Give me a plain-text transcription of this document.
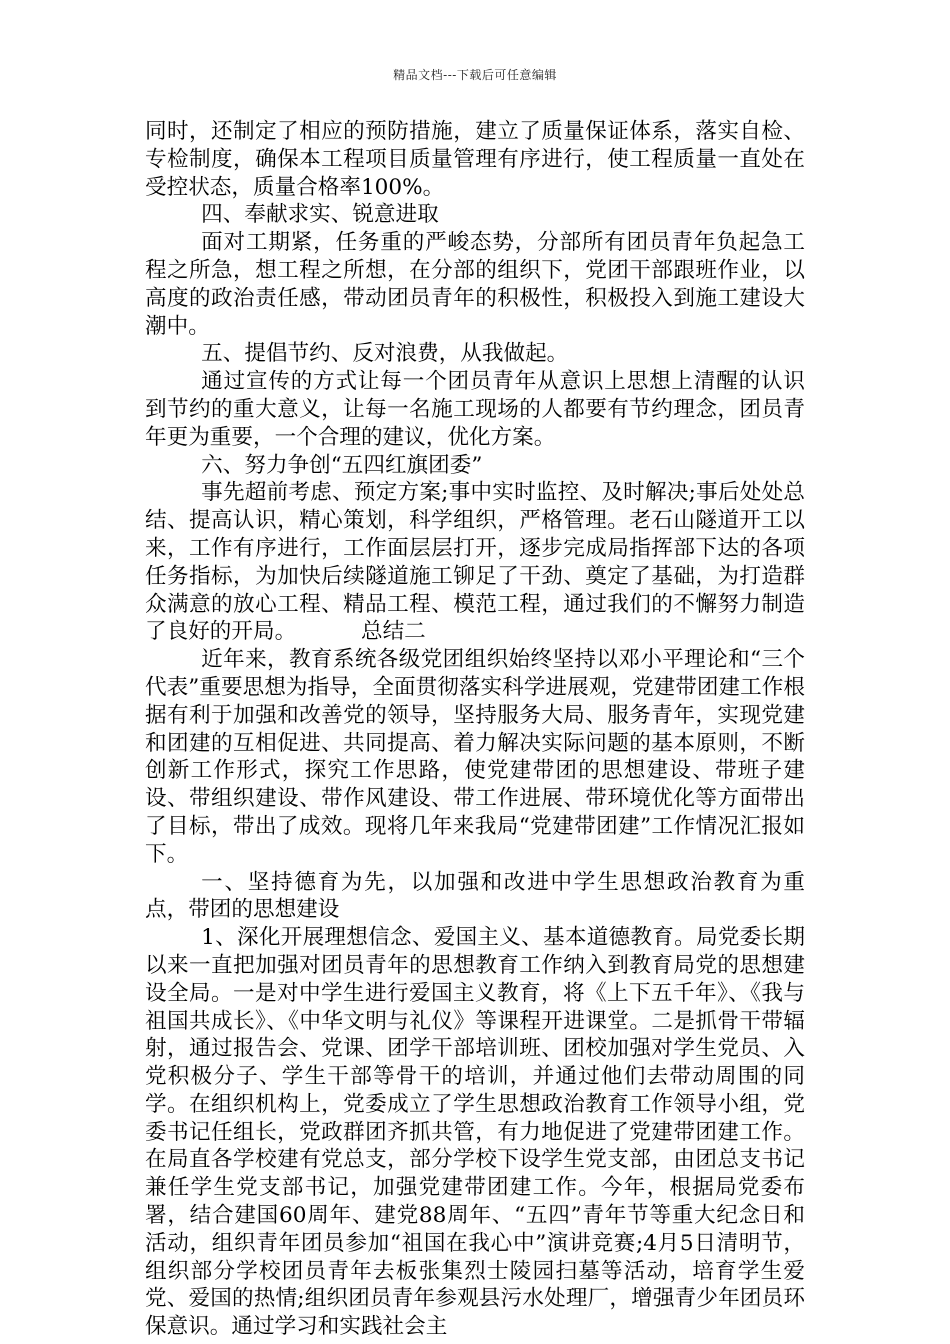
精品文档---下载后可任意编辑

同时，还制定了相应的预防措施，建立了质量保证体系，落实自检、专检制度，确保本工程项目质量管理有序进行，使工程质量一直处在受控状态，质量合格率100%。

四、奉献求实、锐意进取

面对工期紧，任务重的严峻态势，分部所有团员青年负起急工程之所急，想工程之所想，在分部的组织下，党团干部跟班作业，以高度的政治责任感，带动团员青年的积极性，积极投入到施工建设大潮中。

五、提倡节约、反对浪费，从我做起。

通过宣传的方式让每一个团员青年从意识上思想上清醒的认识到节约的重大意义，让每一名施工现场的人都要有节约理念，团员青年更为重要，一个合理的建议，优化方案。

六、努力争创“五四红旗团委”

事先超前考虑、预定方案;事中实时监控、及时解决;事后处处总结、提高认识，精心策划，科学组织，严格管理。老石山隧道开工以来，工作有序进行，工作面层层打开，逐步完成局指挥部下达的各项任务指标，为加快后续隧道施工铆足了干劲、奠定了基础，为打造群众满意的放心工程、精品工程、模范工程，通过我们的不懈努力制造了良好的开局。	总结二

近年来，教育系统各级党团组织始终坚持以邓小平理论和“三个代表”重要思想为指导，全面贯彻落实科学进展观，党建带团建工作根据有利于加强和改善党的领导，坚持服务大局、服务青年，实现党建和团建的互相促进、共同提高、着力解决实际问题的基本原则，不断创新工作形式，探究工作思路，使党建带团的思想建设、带班子建设、带组织建设、带作风建设、带工作进展、带环境优化等方面带出了目标，带出了成效。现将几年来我局“党建带团建”工作情况汇报如下。

一、坚持德育为先，以加强和改进中学生思想政治教育为重点，带团的思想建设

1、深化开展理想信念、爱国主义、基本道德教育。局党委长期以来一直把加强对团员青年的思想教育工作纳入到教育局党的思想建设全局。一是对中学生进行爱国主义教育，将《上下五千年》、《我与祖国共成长》、《中华文明与礼仪》等课程开进课堂。二是抓骨干带辐射，通过报告会、党课、团学干部培训班、团校加强对学生党员、入党积极分子、学生干部等骨干的培训，并通过他们去带动周围的同学。在组织机构上，党委成立了学生思想政治教育工作领导小组，党委书记任组长，党政群团齐抓共管，有力地促进了党建带团建工作。在局直各学校建有党总支，部分学校下设学生党支部，由团总支书记兼任学生党支部书记，加强党建带团建工作。今年，根据局党委布署，结合建国60周年、建党88周年、“五四”青年节等重大纪念日和活动，组织青年团员参加“祖国在我心中”演讲竞赛;4月5日清明节，组织部分学校团员青年去板张集烈士陵园扫墓等活动，培育学生爱党、爱国的热情;组织团员青年参观县污水处理厂，增强青少年团员环保意识。通过学习和实践社会主
